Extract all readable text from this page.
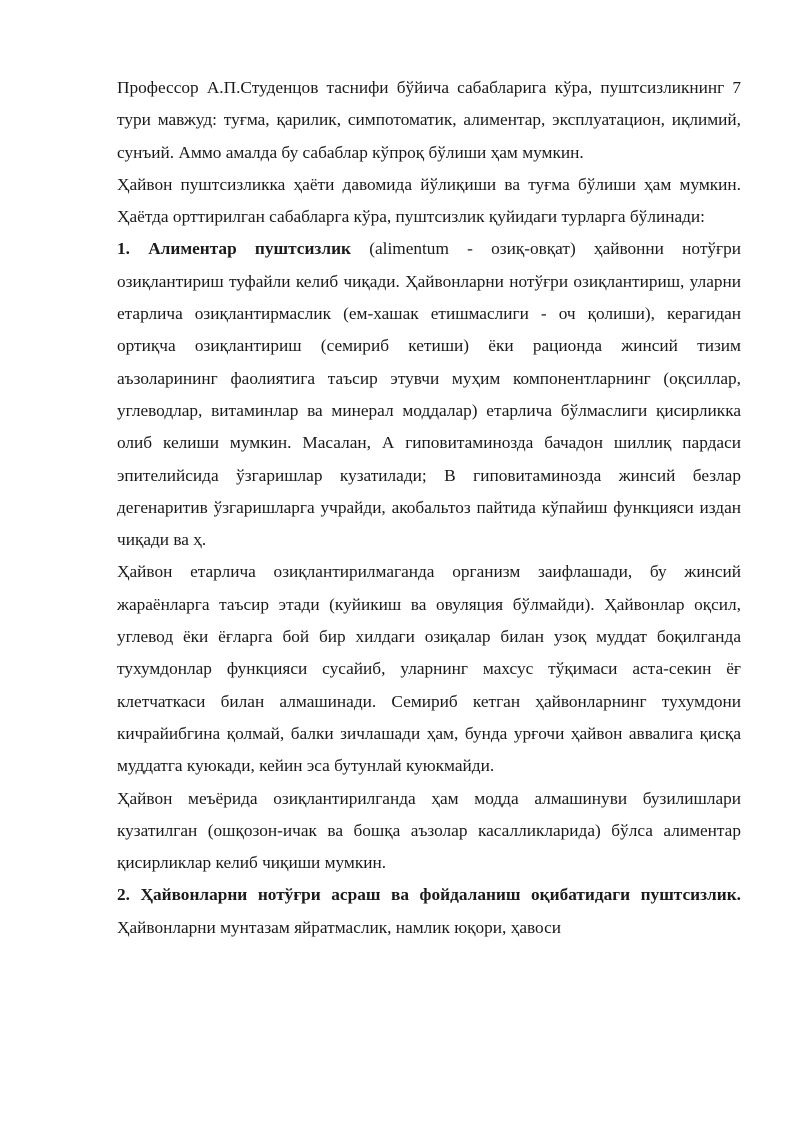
Профессор А.П.Студенцов таснифи бўйича сабабларига кўра, пуштсизликнинг 7 тури мавжуд: туғма, қарилик, симпотоматик, алиментар, эксплуатацион, иқлимий, сунъий. Аммо амалда бу сабаблар кўпроқ бўлиши ҳам мумкин.

Ҳайвон пуштсизликка ҳаёти давомида йўлиқиши ва туғма бўлиши ҳам мумкин. Ҳаётда орттирилган сабабларга кўра, пуштсизлик қуйидаги турларга бўлинади:

1. Алиментар пуштсизлик (alimentum - озиқ-овқат) ҳайвонни нотўғри озиқлантириш туфайли келиб чиқади. Ҳайвонларни нотўғри озиқлантириш, уларни етарлича озиқлантирмаслик (ем-хашак етишмаслиги - оч қолиши), керагидан ортиқча озиқлантириш (семириб кетиши) ёки рационда жинсий тизим аъзоларининг фаолиятига таъсир этувчи муҳим компонентларнинг (оқсиллар, углеводлар, витаминлар ва минерал моддалар) етарлича бўлмаслиги қисирликка олиб келиши мумкин. Масалан, А гиповитаминозда бачадон шиллиқ пардаси эпителийсида ўзгаришлар кузатилади; В гиповитаминозда жинсий безлар дегенаритив ўзгаришларга учрайди, акобальтоз пайтида кўпайиш функцияси издан чиқади ва ҳ.

Ҳайвон етарлича озиқлантирилмаганда организм заифлашади, бу жинсий жараёнларга таъсир этади (куйикиш ва овуляция бўлмайди). Ҳайвонлар оқсил, углевод ёки ёғларга бой бир хилдаги озиқалар билан узоқ муддат боқилганда тухумдонлар функцияси сусайиб, уларнинг махсус тўқимаси аста-секин ёғ клетчаткаси билан алмашинади. Семириб кетган ҳайвонларнинг тухумдони кичрайибгина қолмай, балки зичлашади ҳам, бунда урғочи ҳайвон аввалига қисқа муддатга куюкади, кейин эса бутунлай куюкмайди.

Ҳайвон меъёрида озиқлантирилганда ҳам модда алмашинуви бузилишлари кузатилган (ошқозон-ичак ва бошқа аъзолар касалликларида) бўлса алиментар қисирликлар келиб чиқиши мумкин.

2. Ҳайвонларни нотўғри асраш ва фойдаланиш оқибатидаги пуштсизлик. Ҳайвонларни мунтазам яйратмаслик, намлик юқори, ҳавоси
